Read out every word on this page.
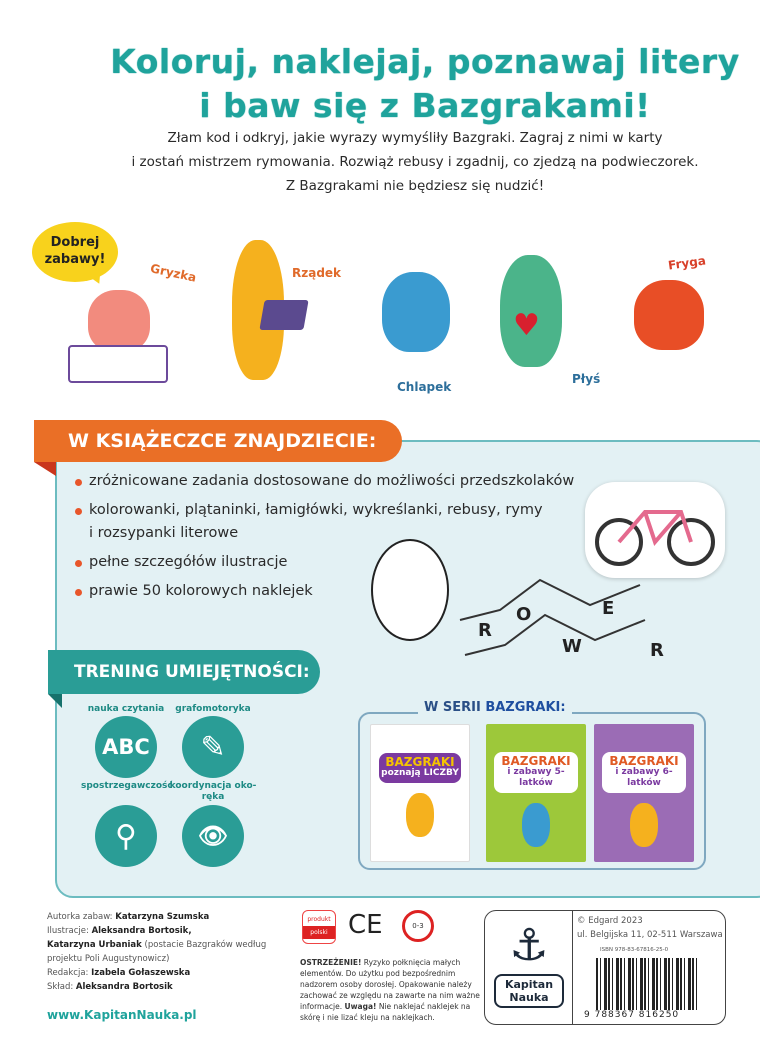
Koloruj, naklejaj, poznawaj litery
i baw się z Bazgrakami!
Złam kod i odkryj, jakie wyrazy wymyśliły Bazgraki. Zagraj z nimi w karty
i zostań mistrzem rymowania. Rozwiąż rebusy i zgadnij, co zjedzą na podwieczorek.
Z Bazgrakami nie będziesz się nudzić!
Dobrej
zabawy!
Gryzka	Rządek
Chlapek
♥
Płyś
Fryga
W KSIĄŻECZCE ZNAJDZIECIE:
zróżnicowane zadania dostosowane do możliwości przedszkolaków
kolorowanki, plątaninki, łamigłówki, wykreślanki, rebusy, rymy i rozsypanki literowe
pełne szczegółów ilustracje
prawie 50 kolorowych naklejek
R
O
W
E
R
TRENING UMIEJĘTNOŚCI:
nauka czytania
ABC
grafomotoryka
✎
spostrzegawczość
⚲
koordynacja oko-ręka
👁
W SERII BAZGRAKI:
BAZGRAKI
poznają LICZBY
BAZGRAKI
i zabawy 5-latków
BAZGRAKI
i zabawy 6-latków
Autorka zabaw: Katarzyna Szumska
Ilustracje: Aleksandra Bortosik,
Katarzyna Urbaniak (postacie Bazgraków według projektu Poli Augustynowicz)
Redakcja: Izabela Gołaszewska
Skład: Aleksandra Bortosik
www.KapitanNauka.pl
produkt
polski CE	0-3
OSTRZEŻENIE! Ryzyko połknięcia małych elementów. Do użytku pod bezpośrednim nadzorem osoby dorosłej. Opakowanie należy zachować ze względu na zawarte na nim ważne informacje. Uwaga! Nie naklejać naklejek na skórę i nie lizać kleju na naklejkach.
⚓
Kapitan
Nauka
© Edgard 2023
ul. Belgijska 11, 02-511 Warszawa
ISBN 978-83-67816-25-0
9 788367 816250
